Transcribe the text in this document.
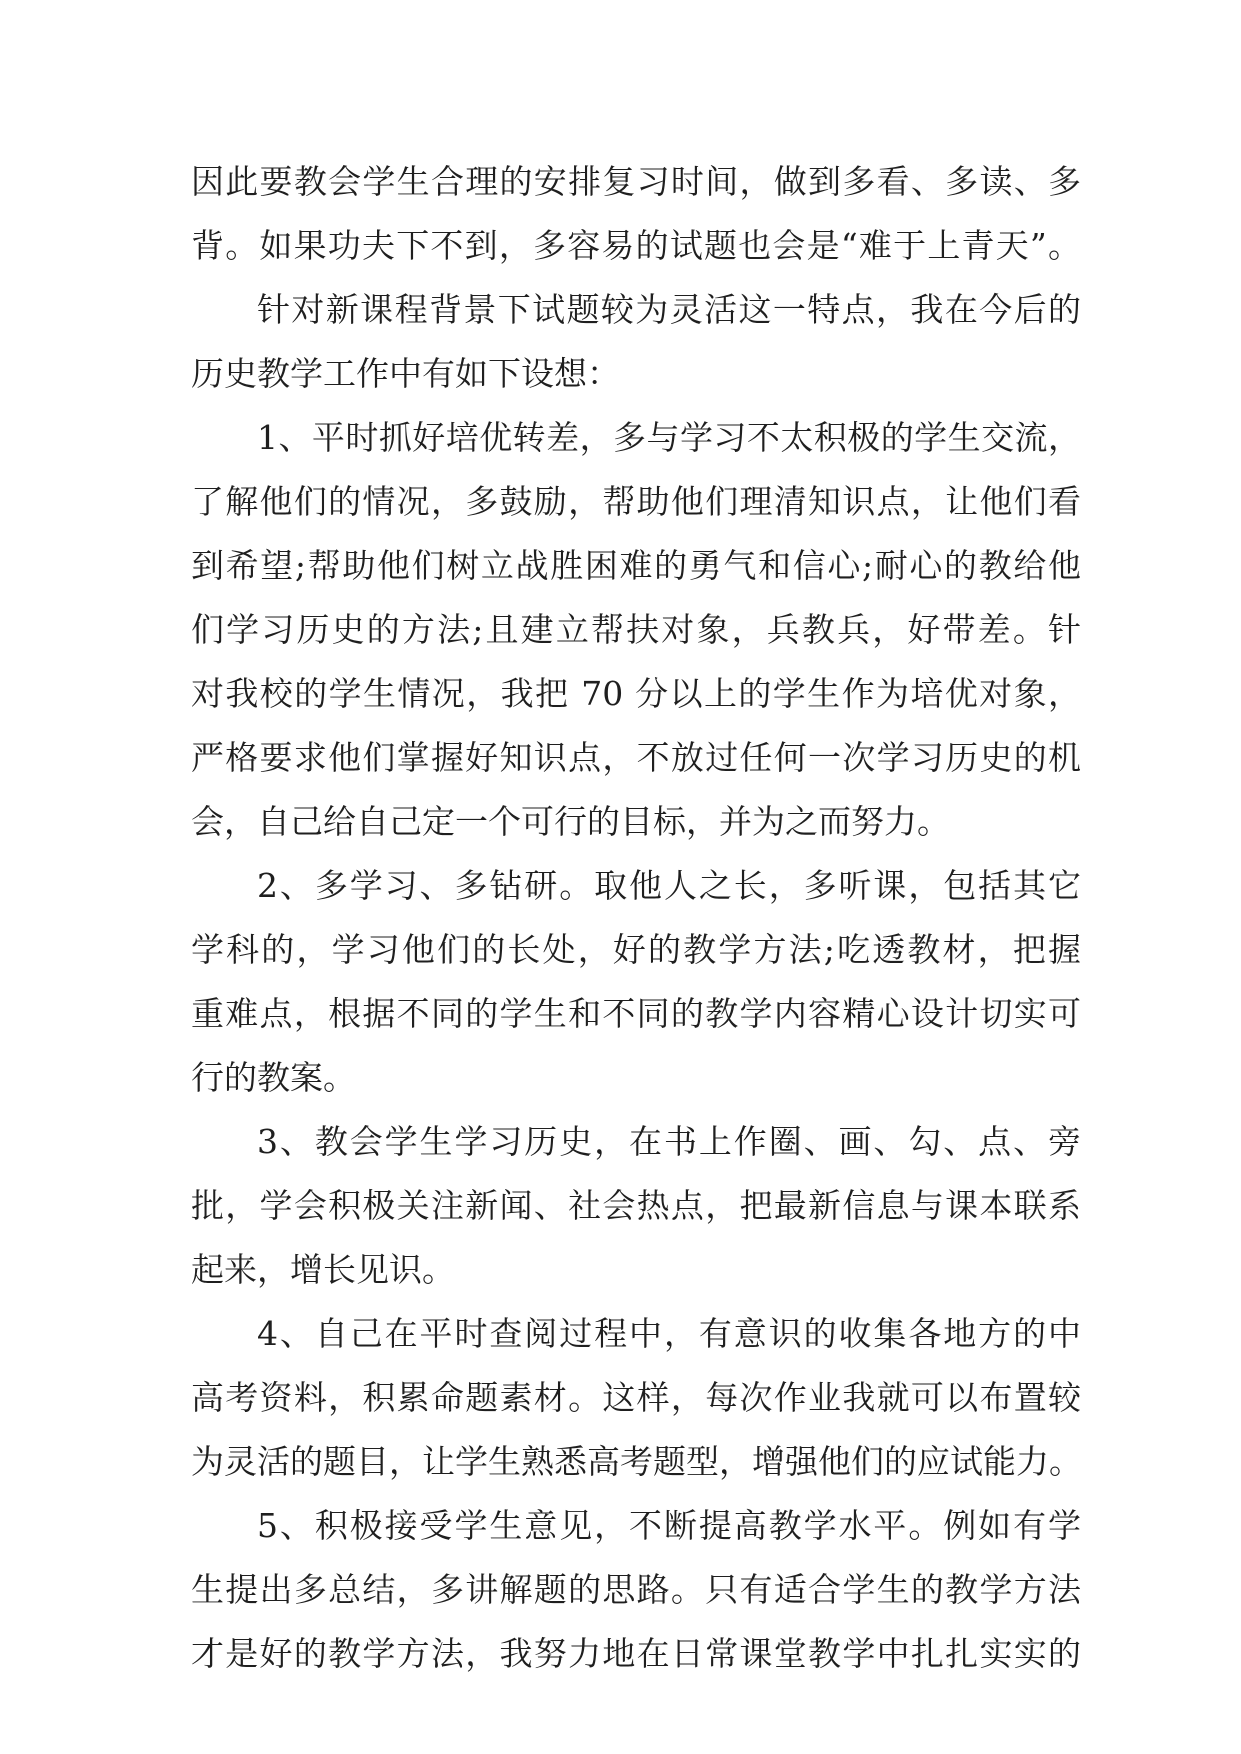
因此要教会学生合理的安排复习时间，做到多看、多读、多
背。如果功夫下不到，多容易的试题也会是“难于上青天”。
针对新课程背景下试题较为灵活这一特点，我在今后的
历史教学工作中有如下设想：
1、平时抓好培优转差，多与学习不太积极的学生交流，
了解他们的情况，多鼓励，帮助他们理清知识点，让他们看
到希望;帮助他们树立战胜困难的勇气和信心;耐心的教给他
们学习历史的方法;且建立帮扶对象，兵教兵，好带差。针
对我校的学生情况，我把 70 分以上的学生作为培优对象，
严格要求他们掌握好知识点，不放过任何一次学习历史的机
会，自己给自己定一个可行的目标，并为之而努力。
2、多学习、多钻研。取他人之长，多听课，包括其它
学科的，学习他们的长处，好的教学方法;吃透教材，把握
重难点，根据不同的学生和不同的教学内容精心设计切实可
行的教案。
3、教会学生学习历史，在书上作圈、画、勾、点、旁
批，学会积极关注新闻、社会热点，把最新信息与课本联系
起来，增长见识。
4、自己在平时查阅过程中，有意识的收集各地方的中
高考资料，积累命题素材。这样，每次作业我就可以布置较
为灵活的题目，让学生熟悉高考题型，增强他们的应试能力。
5、积极接受学生意见，不断提高教学水平。例如有学
生提出多总结，多讲解题的思路。只有适合学生的教学方法
才是好的教学方法，我努力地在日常课堂教学中扎扎实实的
